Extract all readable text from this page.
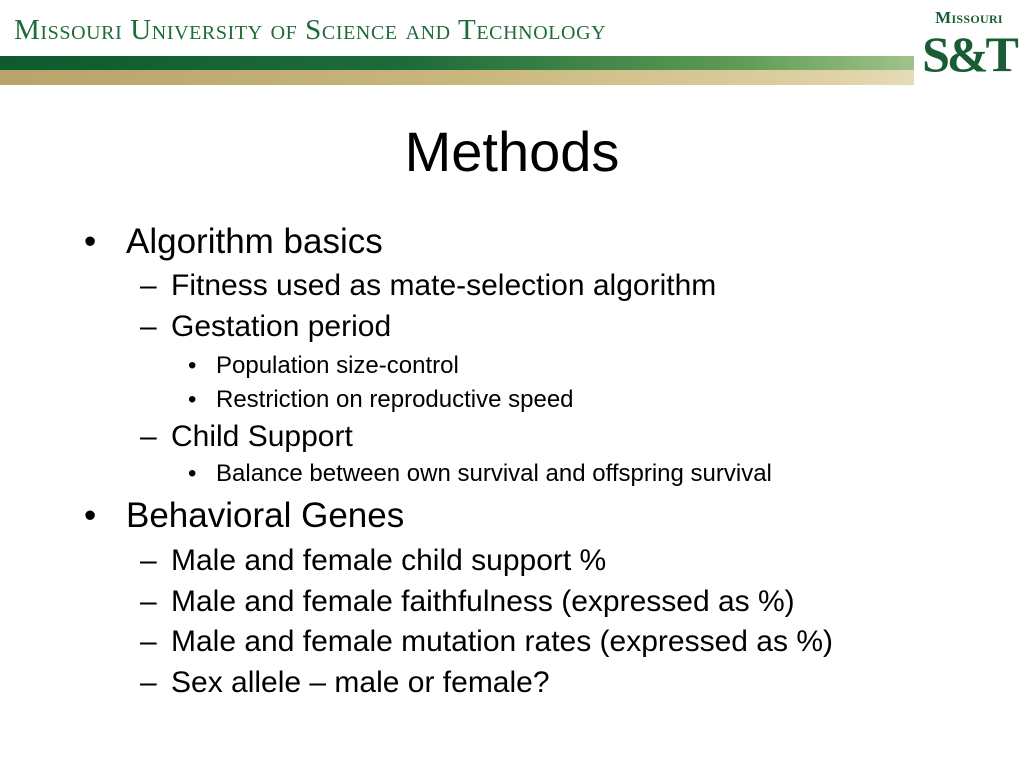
Missouri University of Science and Technology	Missouri
S&T
Methods
• Algorithm basics
– Fitness used as mate-selection algorithm
– Gestation period
• Population size-control
• Restriction on reproductive speed
– Child Support
• Balance between own survival and offspring survival
• Behavioral Genes
– Male and female child support %
– Male and female faithfulness (expressed as %)
– Male and female mutation rates (expressed as %)
– Sex allele – male or female?
